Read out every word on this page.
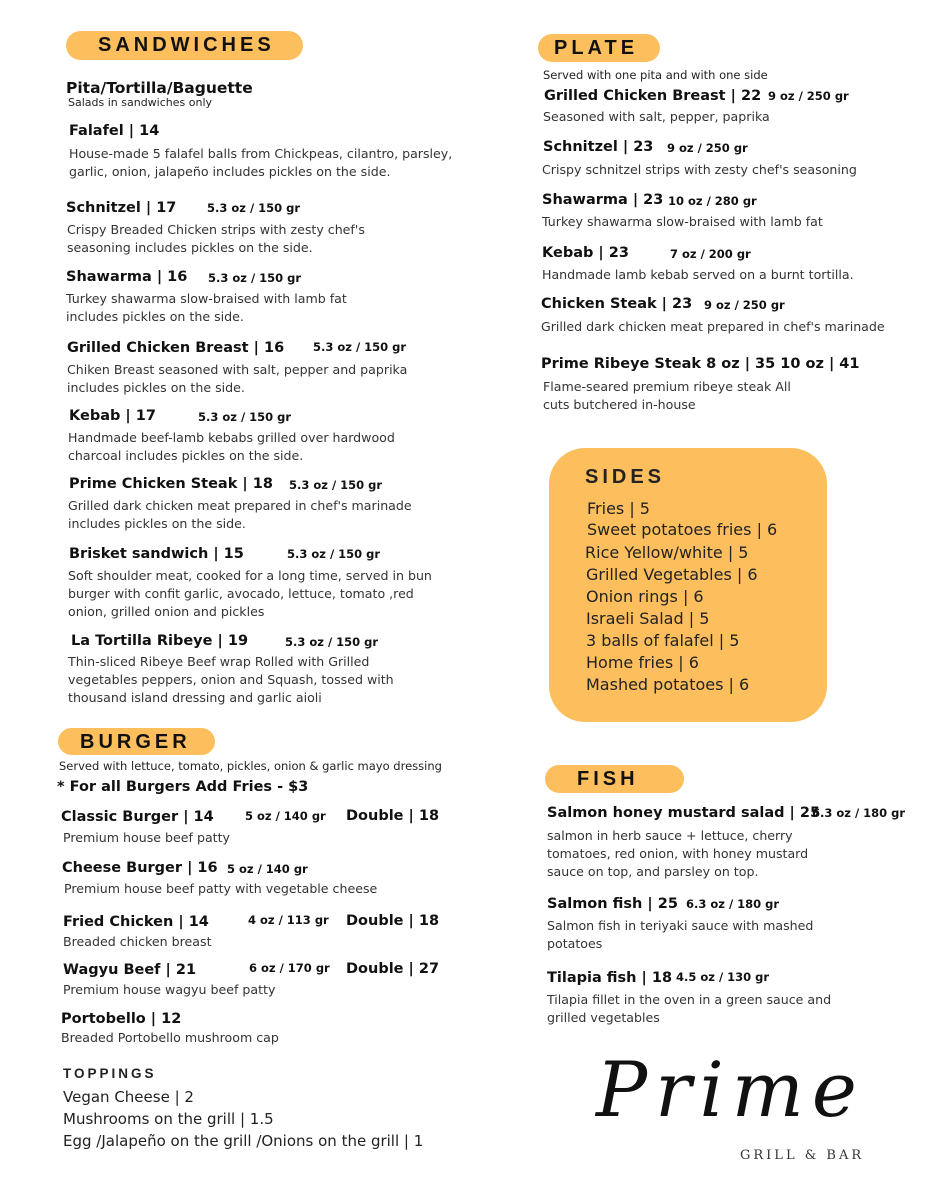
SANDWICHES
Pita/Tortilla/Baguette
Salads in sandwiches only
Falafel | 14
House-made 5 falafel balls from Chickpeas, cilantro, parsley, garlic, onion, jalapeño includes pickles on the side.
Schnitzel | 17	5.3 oz / 150 gr
Crispy Breaded Chicken strips with zesty chef's seasoning includes pickles on the side.
Shawarma | 16 5.3 oz / 150 gr
Turkey shawarma slow-braised with lamb fat includes pickles on the side.
Grilled Chicken Breast | 16	5.3 oz / 150 gr
Chiken Breast seasoned with salt, pepper and paprika includes pickles on the side.
Kebab | 17	5.3 oz / 150 gr
Handmade beef-lamb kebabs grilled over hardwood charcoal includes pickles on the side.
Prime Chicken Steak | 18 5.3 oz / 150 gr
Grilled dark chicken meat prepared in chef's marinade includes pickles on the side.
Brisket sandwich | 15	5.3 oz / 150 gr
Soft shoulder meat, cooked for a long time, served in bun burger with confit garlic, avocado, lettuce, tomato ,red onion, grilled onion and pickles
La Tortilla Ribeye | 19	5.3 oz / 150 gr
Thin-sliced Ribeye Beef wrap Rolled with Grilled vegetables peppers, onion and Squash, tossed with thousand island dressing and garlic aioli
BURGER
Served with lettuce, tomato, pickles, onion & garlic mayo dressing
* For all Burgers Add Fries - $3
Classic Burger | 14	5 oz / 140 gr Double | 18
Premium house beef patty
Cheese Burger | 16 5 oz / 140 gr
Premium house beef patty with vegetable cheese
Fried Chicken | 14	4 oz / 113 gr Double | 18
Breaded chicken breast
Wagyu Beef | 21	6 oz / 170 gr Double | 27
Premium house wagyu beef patty
Portobello | 12
Breaded Portobello mushroom cap
TOPPINGS
Vegan Cheese | 2
Mushrooms on the grill | 1.5
Egg /Jalapeño on the grill /Onions on the grill | 1
PLATE
Served with one pita and with one side
Grilled Chicken Breast | 22 9 oz / 250 gr
Seasoned with salt, pepper, paprika
Schnitzel | 23 9 oz / 250 gr
Crispy schnitzel strips with zesty chef's seasoning
Shawarma | 23 10 oz / 280 gr
Turkey shawarma slow-braised with lamb fat
Kebab | 23	7 oz / 200 gr
Handmade lamb kebab served on a burnt tortilla.
Chicken Steak | 23 9 oz / 250 gr
Grilled dark chicken meat prepared in chef's marinade
Prime Ribeye Steak 8 oz | 35 10 oz | 41
Flame-seared premium ribeye steak All cuts butchered in-house
SIDES
Fries | 5
Sweet potatoes fries | 6
Rice Yellow/white | 5
Grilled Vegetables | 6
Onion rings | 6
Israeli Salad | 5
3 balls of falafel | 5
Home fries | 6
Mashed potatoes | 6
FISH
Salmon honey mustard salad | 25
6.3 oz / 180 gr
salmon in herb sauce + lettuce, cherry tomatoes, red onion, with honey mustard sauce on top, and parsley on top.
Salmon fish | 25 6.3 oz / 180 gr
Salmon fish in teriyaki sauce with mashed potatoes
Tilapia fish | 18 4.5 oz / 130 gr
Tilapia fillet in the oven in a green sauce and grilled vegetables
Prime
GRILL & BAR
